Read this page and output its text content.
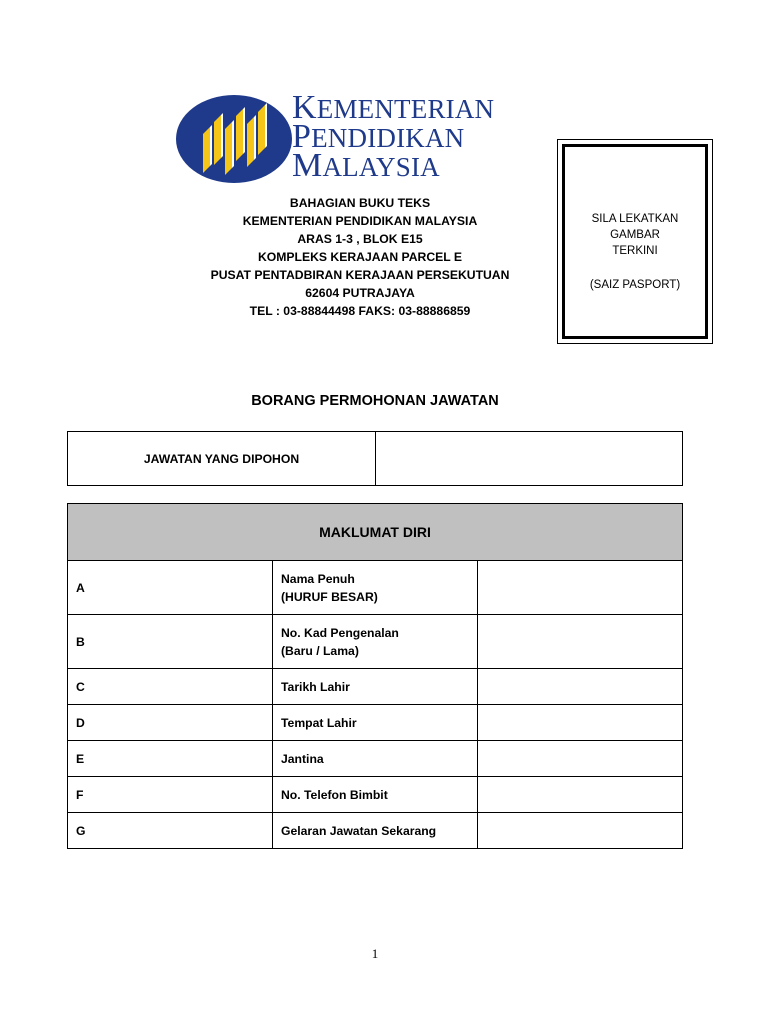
KEMENTERIAN
PENDIDIKAN
MALAYSIA
BAHAGIAN BUKU TEKS
KEMENTERIAN PENDIDIKAN MALAYSIA
ARAS 1-3 , BLOK E15
KOMPLEKS KERAJAAN PARCEL E
PUSAT PENTADBIRAN KERAJAAN PERSEKUTUAN
62604 PUTRAJAYA
TEL : 03-88844498 FAKS: 03-88886859
SILA LEKATKAN
GAMBAR
TERKINI
(SAIZ PASPORT)
BORANG PERMOHONAN JAWATAN
JAWATAN YANG DIPOHON
MAKLUMAT DIRI		
A	Nama Penuh
(HURUF BESAR)	

B	No. Kad Pengenalan
(Baru / Lama)	

C	Tarikh Lahir	
D	Tempat Lahir	
E	Jantina	
F	No. Telefon Bimbit	
G	Gelaran Jawatan Sekarang	
1
